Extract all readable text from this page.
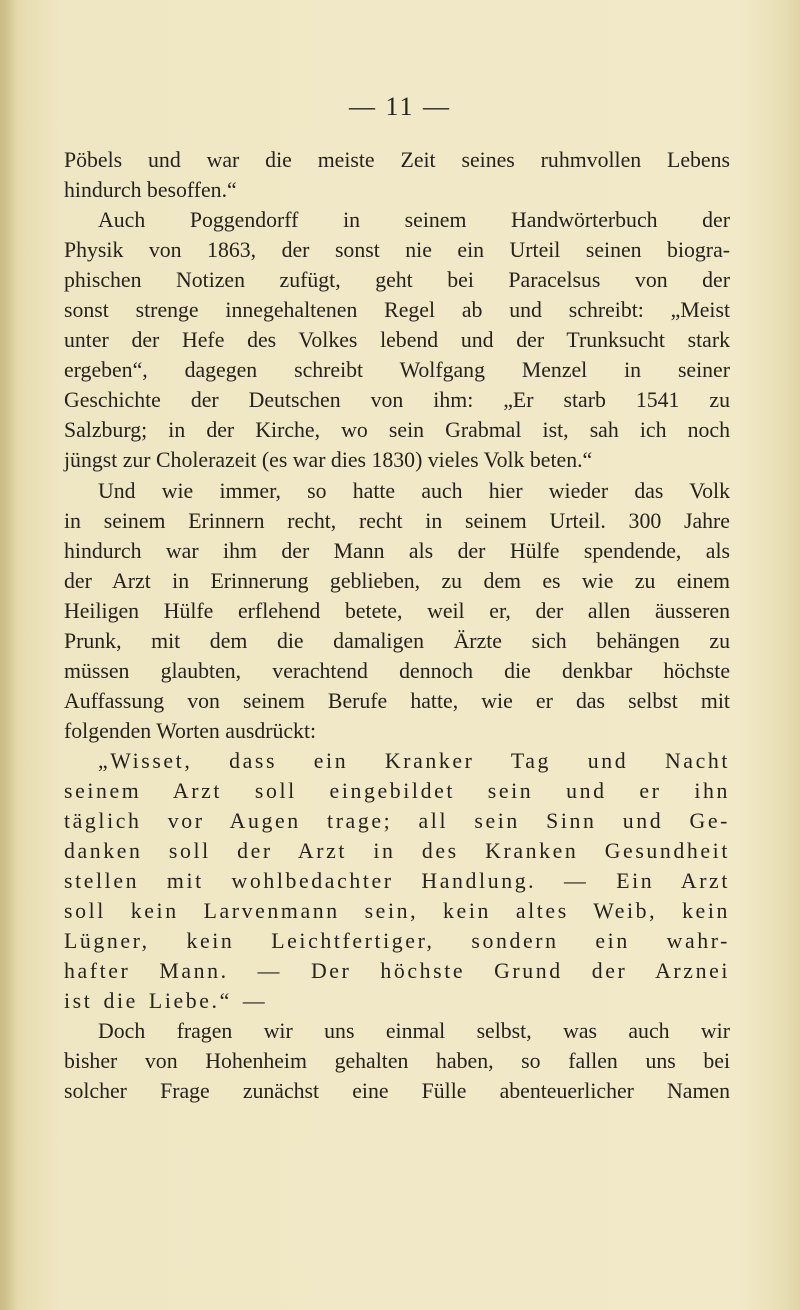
— 11 —
Pöbels und war die meiste Zeit seines ruhmvollen Lebens
hindurch besoffen.“
Auch Poggendorff in seinem Handwörterbuch der
Physik von 1863, der sonst nie ein Urteil seinen biogra-
phischen Notizen zufügt, geht bei Paracelsus von der
sonst strenge innegehaltenen Regel ab und schreibt: „Meist
unter der Hefe des Volkes lebend und der Trunksucht stark
ergeben“, dagegen schreibt Wolfgang Menzel in seiner
Geschichte der Deutschen von ihm: „Er starb 1541 zu
Salzburg; in der Kirche, wo sein Grabmal ist, sah ich noch
jüngst zur Cholerazeit (es war dies 1830) vieles Volk beten.“
Und wie immer, so hatte auch hier wieder das Volk
in seinem Erinnern recht, recht in seinem Urteil. 300 Jahre
hindurch war ihm der Mann als der Hülfe spendende, als
der Arzt in Erinnerung geblieben, zu dem es wie zu einem
Heiligen Hülfe erflehend betete, weil er, der allen äusseren
Prunk, mit dem die damaligen Ärzte sich behängen zu
müssen glaubten, verachtend dennoch die denkbar höchste
Auffassung von seinem Berufe hatte, wie er das selbst mit
folgenden Worten ausdrückt:
„Wisset, dass ein Kranker Tag und Nacht
seinem Arzt soll eingebildet sein und er ihn
täglich vor Augen trage; all sein Sinn und Ge-
danken soll der Arzt in des Kranken Gesundheit
stellen mit wohlbedachter Handlung. — Ein Arzt
soll kein Larvenmann sein, kein altes Weib, kein
Lügner, kein Leichtfertiger, sondern ein wahr-
hafter Mann. — Der höchste Grund der Arznei
ist die Liebe.“ —
Doch fragen wir uns einmal selbst, was auch wir
bisher von Hohenheim gehalten haben, so fallen uns bei
solcher Frage zunächst eine Fülle abenteuerlicher Namen
